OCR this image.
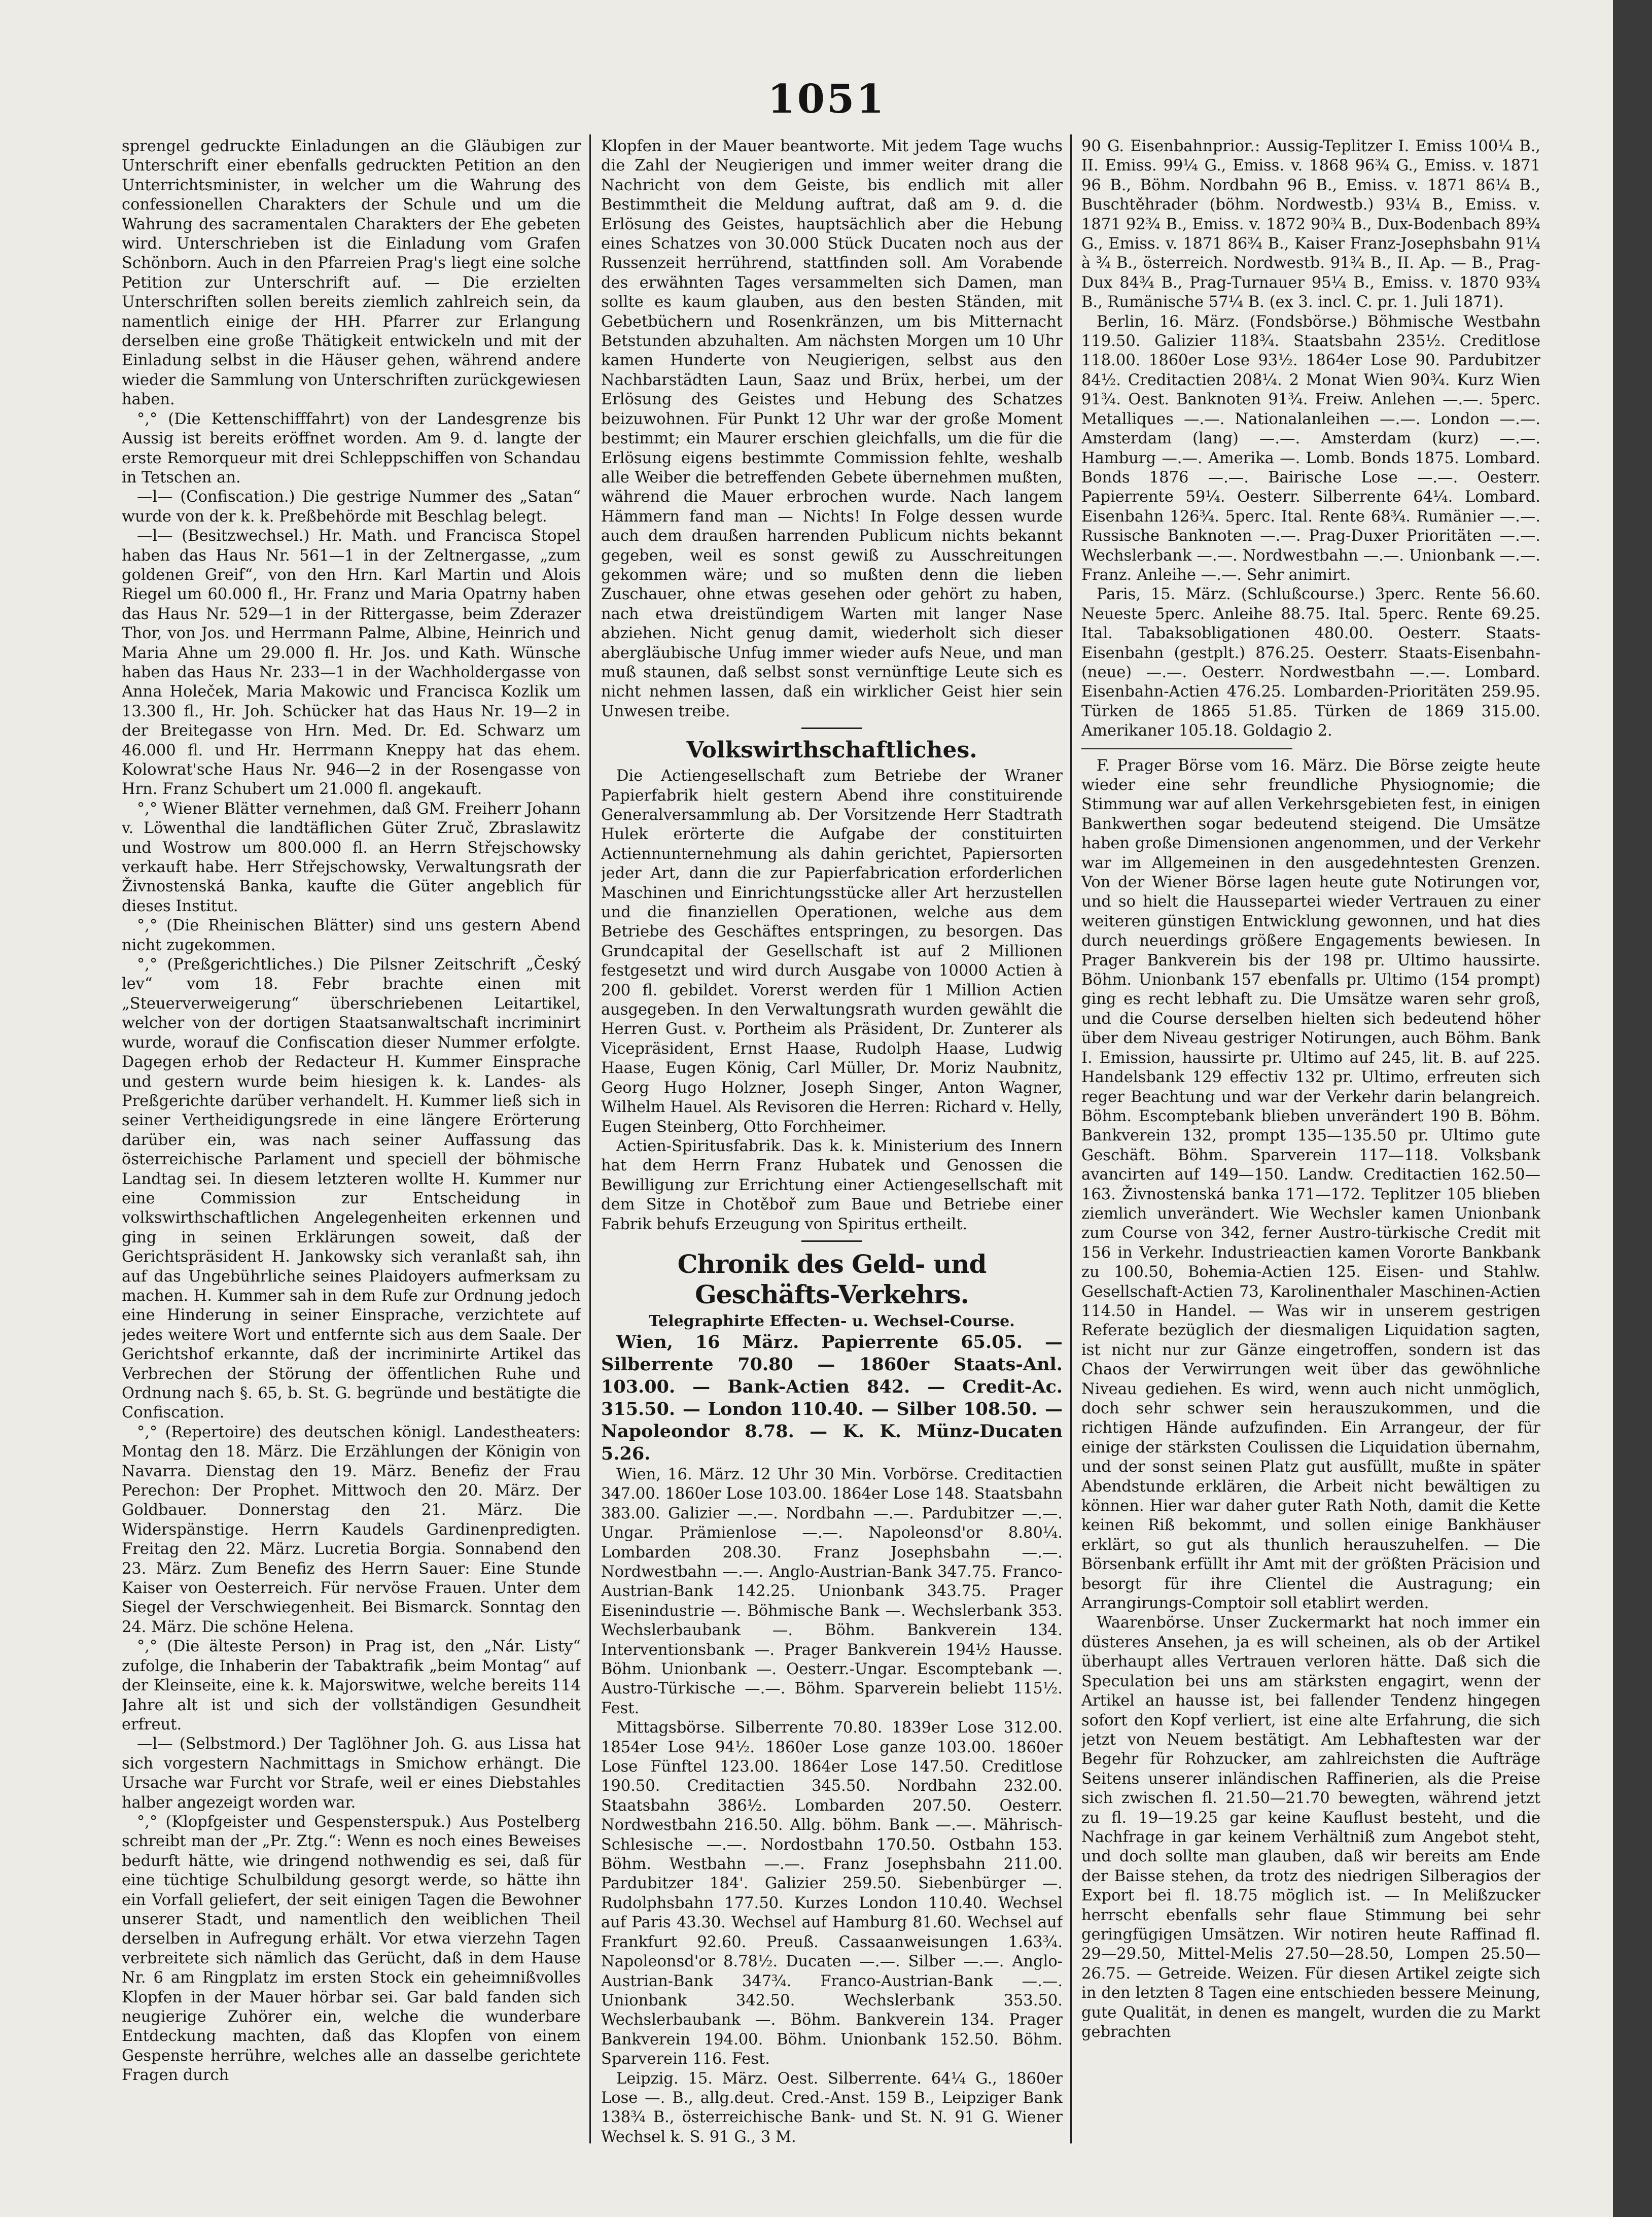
1051

sprengel gedruckte Einladungen an die Gläubigen zur Unterschrift einer ebenfalls gedruckten Petition an den Unterrichtsminister, in welcher um die Wahrung des confessionellen Charakters der Schule und um die Wahrung des sacramentalen Charakters der Ehe gebeten wird. Unterschrieben ist die Einladung vom Grafen Schönborn. Auch in den Pfarreien Prag's liegt eine solche Petition zur Unterschrift auf. — Die erzielten Unterschriften sollen bereits ziemlich zahlreich sein, da namentlich einige der HH. Pfarrer zur Erlangung derselben eine große Thätigkeit entwickeln und mit der Einladung selbst in die Häuser gehen, während andere wieder die Sammlung von Unterschriften zurückgewiesen haben.

°,° (Die Kettenschifffahrt) von der Landesgrenze bis Aussig ist bereits eröffnet worden. Am 9. d. langte der erste Remorqueur mit drei Schleppschiffen von Schandau in Tetschen an.

—l— (Confiscation.) Die gestrige Nummer des „Satan“ wurde von der k. k. Preßbehörde mit Beschlag belegt.

—l— (Besitzwechsel.) Hr. Math. und Francisca Stopel haben das Haus Nr. 561—1 in der Zeltnergasse, „zum goldenen Greif“, von den Hrn. Karl Martin und Alois Riegel um 60.000 fl., Hr. Franz und Maria Opatrny haben das Haus Nr. 529—1 in der Rittergasse, beim Zderazer Thor, von Jos. und Herrmann Palme, Albine, Heinrich und Maria Ahne um 29.000 fl. Hr. Jos. und Kath. Wünsche haben das Haus Nr. 233—1 in der Wachholdergasse von Anna Holeček, Maria Makowic und Francisca Kozlik um 13.300 fl., Hr. Joh. Schücker hat das Haus Nr. 19—2 in der Breitegasse von Hrn. Med. Dr. Ed. Schwarz um 46.000 fl. und Hr. Herrmann Kneppy hat das ehem. Kolowrat'sche Haus Nr. 946—2 in der Rosengasse von Hrn. Franz Schubert um 21.000 fl. angekauft.

°,° Wiener Blätter vernehmen, daß GM. Freiherr Johann v. Löwenthal die landtäflichen Güter Zruč, Zbraslawitz und Wostrow um 800.000 fl. an Herrn Střejschowsky verkauft habe. Herr Střejschowsky, Verwaltungsrath der Živnostenská Banka, kaufte die Güter angeblich für dieses Institut.

°,° (Die Rheinischen Blätter) sind uns gestern Abend nicht zugekommen.

°,° (Preßgerichtliches.) Die Pilsner Zeitschrift „Český lev“ vom 18. Febr brachte einen mit „Steuerverweigerung“ überschriebenen Leitartikel, welcher von der dortigen Staatsanwaltschaft incriminirt wurde, worauf die Confiscation dieser Nummer erfolgte. Dagegen erhob der Redacteur H. Kummer Einsprache und gestern wurde beim hiesigen k. k. Landes- als Preßgerichte darüber verhandelt. H. Kummer ließ sich in seiner Vertheidigungsrede in eine längere Erörterung darüber ein, was nach seiner Auffassung das österreichische Parlament und speciell der böhmische Landtag sei. In diesem letzteren wollte H. Kummer nur eine Commission zur Entscheidung in volkswirthschaftlichen Angelegenheiten erkennen und ging in seinen Erklärungen soweit, daß der Gerichtspräsident H. Jankowsky sich veranlaßt sah, ihn auf das Ungebührliche seines Plaidoyers aufmerksam zu machen. H. Kummer sah in dem Rufe zur Ordnung jedoch eine Hinderung in seiner Einsprache, verzichtete auf jedes weitere Wort und entfernte sich aus dem Saale. Der Gerichtshof erkannte, daß der incriminirte Artikel das Verbrechen der Störung der öffentlichen Ruhe und Ordnung nach §. 65, b. St. G. begründe und bestätigte die Confiscation.

°,° (Repertoire) des deutschen königl. Landestheaters: Montag den 18. März. Die Erzählungen der Königin von Navarra. Dienstag den 19. März. Benefiz der Frau Perechon: Der Prophet. Mittwoch den 20. März. Der Goldbauer. Donnerstag den 21. März. Die Widerspänstige. Herrn Kaudels Gardinenpredigten. Freitag den 22. März. Lucretia Borgia. Sonnabend den 23. März. Zum Benefiz des Herrn Sauer: Eine Stunde Kaiser von Oesterreich. Für nervöse Frauen. Unter dem Siegel der Verschwiegenheit. Bei Bismarck. Sonntag den 24. März. Die schöne Helena.

°,° (Die älteste Person) in Prag ist, den „Nár. Listy“ zufolge, die Inhaberin der Tabaktrafik „beim Montag“ auf der Kleinseite, eine k. k. Majorswitwe, welche bereits 114 Jahre alt ist und sich der vollständigen Gesundheit erfreut.

—l— (Selbstmord.) Der Taglöhner Joh. G. aus Lissa hat sich vorgestern Nachmittags in Smichow erhängt. Die Ursache war Furcht vor Strafe, weil er eines Diebstahles halber angezeigt worden war.

°,° (Klopfgeister und Gespensterspuk.) Aus Postelberg schreibt man der „Pr. Ztg.“: Wenn es noch eines Beweises bedurft hätte, wie dringend nothwendig es sei, daß für eine tüchtige Schulbildung gesorgt werde, so hätte ihn ein Vorfall geliefert, der seit einigen Tagen die Bewohner unserer Stadt, und namentlich den weiblichen Theil derselben in Aufregung erhält. Vor etwa vierzehn Tagen verbreitete sich nämlich das Gerücht, daß in dem Hause Nr. 6 am Ringplatz im ersten Stock ein geheimnißvolles Klopfen in der Mauer hörbar sei. Gar bald fanden sich neugierige Zuhörer ein, welche die wunderbare Entdeckung machten, daß das Klopfen von einem Gespenste herrühre, welches alle an dasselbe gerichtete Fragen durch

Klopfen in der Mauer beantworte. Mit jedem Tage wuchs die Zahl der Neugierigen und immer weiter drang die Nachricht von dem Geiste, bis endlich mit aller Bestimmtheit die Meldung auftrat, daß am 9. d. die Erlösung des Geistes, hauptsächlich aber die Hebung eines Schatzes von 30.000 Stück Ducaten noch aus der Russenzeit herrührend, stattfinden soll. Am Vorabende des erwähnten Tages versammelten sich Damen, man sollte es kaum glauben, aus den besten Ständen, mit Gebetbüchern und Rosenkränzen, um bis Mitternacht Betstunden abzuhalten. Am nächsten Morgen um 10 Uhr kamen Hunderte von Neugierigen, selbst aus den Nachbarstädten Laun, Saaz und Brüx, herbei, um der Erlösung des Geistes und Hebung des Schatzes beizuwohnen. Für Punkt 12 Uhr war der große Moment bestimmt; ein Maurer erschien gleichfalls, um die für die Erlösung eigens bestimmte Commission fehlte, weshalb alle Weiber die betreffenden Gebete übernehmen mußten, während die Mauer erbrochen wurde. Nach langem Hämmern fand man — Nichts! In Folge dessen wurde auch dem draußen harrenden Publicum nichts bekannt gegeben, weil es sonst gewiß zu Ausschreitungen gekommen wäre; und so mußten denn die lieben Zuschauer, ohne etwas gesehen oder gehört zu haben, nach etwa dreistündigem Warten mit langer Nase abziehen. Nicht genug damit, wiederholt sich dieser abergläubische Unfug immer wieder aufs Neue, und man muß staunen, daß selbst sonst vernünftige Leute sich es nicht nehmen lassen, daß ein wirklicher Geist hier sein Unwesen treibe.

Volkswirthschaftliches.

Die Actiengesellschaft zum Betriebe der Wraner Papierfabrik hielt gestern Abend ihre constituirende Generalversammlung ab. Der Vorsitzende Herr Stadtrath Hulek erörterte die Aufgabe der constituirten Actiennunternehmung als dahin gerichtet, Papiersorten jeder Art, dann die zur Papierfabrication erforderlichen Maschinen und Einrichtungsstücke aller Art herzustellen und die finanziellen Operationen, welche aus dem Betriebe des Geschäftes entspringen, zu besorgen. Das Grundcapital der Gesellschaft ist auf 2 Millionen festgesetzt und wird durch Ausgabe von 10000 Actien à 200 fl. gebildet. Vorerst werden für 1 Million Actien ausgegeben. In den Verwaltungsrath wurden gewählt die Herren Gust. v. Portheim als Präsident, Dr. Zunterer als Vicepräsident, Ernst Haase, Rudolph Haase, Ludwig Haase, Eugen König, Carl Müller, Dr. Moriz Naubnitz, Georg Hugo Holzner, Joseph Singer, Anton Wagner, Wilhelm Hauel. Als Revisoren die Herren: Richard v. Helly, Eugen Steinberg, Otto Forchheimer.

Actien-Spiritusfabrik. Das k. k. Ministerium des Innern hat dem Herrn Franz Hubatek und Genossen die Bewilligung zur Errichtung einer Actiengesellschaft mit dem Sitze in Chotěboř zum Baue und Betriebe einer Fabrik behufs Erzeugung von Spiritus ertheilt.

Chronik des Geld- und Geschäfts-Verkehrs.
Telegraphirte Effecten- u. Wechsel-Course.

Wien, 16 März. Papierrente 65.05. — Silberrente 70.80 — 1860er Staats-Anl. 103.00. — Bank-Actien 842. — Credit-Ac. 315.50. — London 110.40. — Silber 108.50. — Napoleondor 8.78. — K. K. Münz-Ducaten 5.26.

Wien, 16. März. 12 Uhr 30 Min. Vorbörse. Creditactien 347.00. 1860er Lose 103.00. 1864er Lose 148. Staatsbahn 383.00. Galizier —.—. Nordbahn —.—. Pardubitzer —.—. Ungar. Prämienlose —.—. Napoleonsd'or 8.80¼. Lombarden 208.30. Franz Josephsbahn —.—. Nordwestbahn —.—. Anglo-Austrian-Bank 347.75. Franco-Austrian-Bank 142.25. Unionbank 343.75. Prager Eisenindustrie —. Böhmische Bank —. Wechslerbank 353. Wechslerbaubank —. Böhm. Bankverein 134. Interventionsbank —. Prager Bankverein 194½ Hausse. Böhm. Unionbank —. Oesterr.-Ungar. Escomptebank —. Austro-Türkische —.—. Böhm. Sparverein beliebt 115½. Fest.

Mittagsbörse. Silberrente 70.80. 1839er Lose 312.00. 1854er Lose 94½. 1860er Lose ganze 103.00. 1860er Lose Fünftel 123.00. 1864er Lose 147.50. Creditlose 190.50. Creditactien 345.50. Nordbahn 232.00. Staatsbahn 386½. Lombarden 207.50. Oesterr. Nordwestbahn 216.50. Allg. böhm. Bank —.—. Mährisch-Schlesische —.—. Nordostbahn 170.50. Ostbahn 153. Böhm. Westbahn —.—. Franz Josephsbahn 211.00. Pardubitzer 184'. Galizier 259.50. Siebenbürger —. Rudolphsbahn 177.50. Kurzes London 110.40. Wechsel auf Paris 43.30. Wechsel auf Hamburg 81.60. Wechsel auf Frankfurt 92.60. Preuß. Cassaanweisungen 1.63¾. Napoleonsd'or 8.78½. Ducaten —.—. Silber —.—. Anglo-Austrian-Bank 347¾. Franco-Austrian-Bank —.—. Unionbank 342.50. Wechslerbank 353.50. Wechslerbaubank —. Böhm. Bankverein 134. Prager Bankverein 194.00. Böhm. Unionbank 152.50. Böhm. Sparverein 116. Fest.

Leipzig. 15. März. Oest. Silberrente. 64¼ G., 1860er Lose —. B., allg.deut. Cred.-Anst. 159 B., Leipziger Bank 138¾ B., österreichische Bank- und St. N. 91 G. Wiener Wechsel k. S. 91 G., 3 M.

90 G. Eisenbahnprior.: Aussig-Teplitzer I. Emiss 100¼ B., II. Emiss. 99¼ G., Emiss. v. 1868 96¾ G., Emiss. v. 1871 96 B., Böhm. Nordbahn 96 B., Emiss. v. 1871 86¼ B., Buschtěhrader (böhm. Nordwestb.) 93¼ B., Emiss. v. 1871 92¾ B., Emiss. v. 1872 90¾ B., Dux-Bodenbach 89¾ G., Emiss. v. 1871 86¾ B., Kaiser Franz-Josephsbahn 91¼ à ¾ B., österreich. Nordwestb. 91¾ B., II. Ap. — B., Prag-Dux 84¾ B., Prag-Turnauer 95¼ B., Emiss. v. 1870 93¾ B., Rumänische 57¼ B. (ex 3. incl. C. pr. 1. Juli 1871).

Berlin, 16. März. (Fondsbörse.) Böhmische Westbahn 119.50. Galizier 118¾. Staatsbahn 235½. Creditlose 118.00. 1860er Lose 93½. 1864er Lose 90. Pardubitzer 84½. Creditactien 208¼. 2 Monat Wien 90¾. Kurz Wien 91¾. Oest. Banknoten 91¾. Freiw. Anlehen —.—. 5perc. Metalliques —.—. Nationalanleihen —.—. London —.—. Amsterdam (lang) —.—. Amsterdam (kurz) —.—. Hamburg —.—. Amerika —. Lomb. Bonds 1875. Lombard. Bonds 1876 —.—. Bairische Lose —.—. Oesterr. Papierrente 59¼. Oesterr. Silberrente 64¼. Lombard. Eisenbahn 126¾. 5perc. Ital. Rente 68¾. Rumänier —.—. Russische Banknoten —.—. Prag-Duxer Prioritäten —.—. Wechslerbank —.—. Nordwestbahn —.—. Unionbank —.—. Franz. Anleihe —.—. Sehr animirt.

Paris, 15. März. (Schlußcourse.) 3perc. Rente 56.60. Neueste 5perc. Anleihe 88.75. Ital. 5perc. Rente 69.25. Ital. Tabaksobligationen 480.00. Oesterr. Staats-Eisenbahn (gestplt.) 876.25. Oesterr. Staats-Eisenbahn-(neue) —.—. Oesterr. Nordwestbahn —.—. Lombard. Eisenbahn-Actien 476.25. Lombarden-Prioritäten 259.95. Türken de 1865 51.85. Türken de 1869 315.00. Amerikaner 105.18. Goldagio 2.

F. Prager Börse vom 16. März. Die Börse zeigte heute wieder eine sehr freundliche Physiognomie; die Stimmung war auf allen Verkehrsgebieten fest, in einigen Bankwerthen sogar bedeutend steigend. Die Umsätze haben große Dimensionen angenommen, und der Verkehr war im Allgemeinen in den ausgedehntesten Grenzen. Von der Wiener Börse lagen heute gute Notirungen vor, und so hielt die Haussepartei wieder Vertrauen zu einer weiteren günstigen Entwicklung gewonnen, und hat dies durch neuerdings größere Engagements bewiesen. In Prager Bankverein bis der 198 pr. Ultimo haussirte. Böhm. Unionbank 157 ebenfalls pr. Ultimo (154 prompt) ging es recht lebhaft zu. Die Umsätze waren sehr groß, und die Course derselben hielten sich bedeutend höher über dem Niveau gestriger Notirungen, auch Böhm. Bank I. Emission, haussirte pr. Ultimo auf 245, lit. B. auf 225. Handelsbank 129 effectiv 132 pr. Ultimo, erfreuten sich reger Beachtung und war der Verkehr darin belangreich. Böhm. Escomptebank blieben unverändert 190 B. Böhm. Bankverein 132, prompt 135—135.50 pr. Ultimo gute Geschäft. Böhm. Sparverein 117—118. Volksbank avancirten auf 149—150. Landw. Creditactien 162.50—163. Živnostenská banka 171—172. Teplitzer 105 blieben ziemlich unverändert. Wie Wechsler kamen Unionbank zum Course von 342, ferner Austro-türkische Credit mit 156 in Verkehr. Industrieactien kamen Vororte Bankbank zu 100.50, Bohemia-Actien 125. Eisen- und Stahlw. Gesellschaft-Actien 73, Karolinenthaler Maschinen-Actien 114.50 in Handel. — Was wir in unserem gestrigen Referate bezüglich der diesmaligen Liquidation sagten, ist nicht nur zur Gänze eingetroffen, sondern ist das Chaos der Verwirrungen weit über das gewöhnliche Niveau gediehen. Es wird, wenn auch nicht unmöglich, doch sehr schwer sein herauszukommen, und die richtigen Hände aufzufinden. Ein Arrangeur, der für einige der stärksten Coulissen die Liquidation übernahm, und der sonst seinen Platz gut ausfüllt, mußte in später Abendstunde erklären, die Arbeit nicht bewältigen zu können. Hier war daher guter Rath Noth, damit die Kette keinen Riß bekommt, und sollen einige Bankhäuser erklärt, so gut als thunlich herauszuhelfen. — Die Börsenbank erfüllt ihr Amt mit der größten Präcision und besorgt für ihre Clientel die Austragung; ein Arrangirungs-Comptoir soll etablirt werden.

Waarenbörse. Unser Zuckermarkt hat noch immer ein düsteres Ansehen, ja es will scheinen, als ob der Artikel überhaupt alles Vertrauen verloren hätte. Daß sich die Speculation bei uns am stärksten engagirt, wenn der Artikel an hausse ist, bei fallender Tendenz hingegen sofort den Kopf verliert, ist eine alte Erfahrung, die sich jetzt von Neuem bestätigt. Am Lebhaftesten war der Begehr für Rohzucker, am zahlreichsten die Aufträge Seitens unserer inländischen Raffinerien, als die Preise sich zwischen fl. 21.50—21.70 bewegten, während jetzt zu fl. 19—19.25 gar keine Kauflust besteht, und die Nachfrage in gar keinem Verhältniß zum Angebot steht, und doch sollte man glauben, daß wir bereits am Ende der Baisse stehen, da trotz des niedrigen Silberagios der Export bei fl. 18.75 möglich ist. — In Melißzucker herrscht ebenfalls sehr flaue Stimmung bei sehr geringfügigen Umsätzen. Wir notiren heute Raffinad fl. 29—29.50, Mittel-Melis 27.50—28.50, Lompen 25.50—26.75. — Getreide. Weizen. Für diesen Artikel zeigte sich in den letzten 8 Tagen eine entschieden bessere Meinung, gute Qualität, in denen es mangelt, wurden die zu Markt gebrachten
